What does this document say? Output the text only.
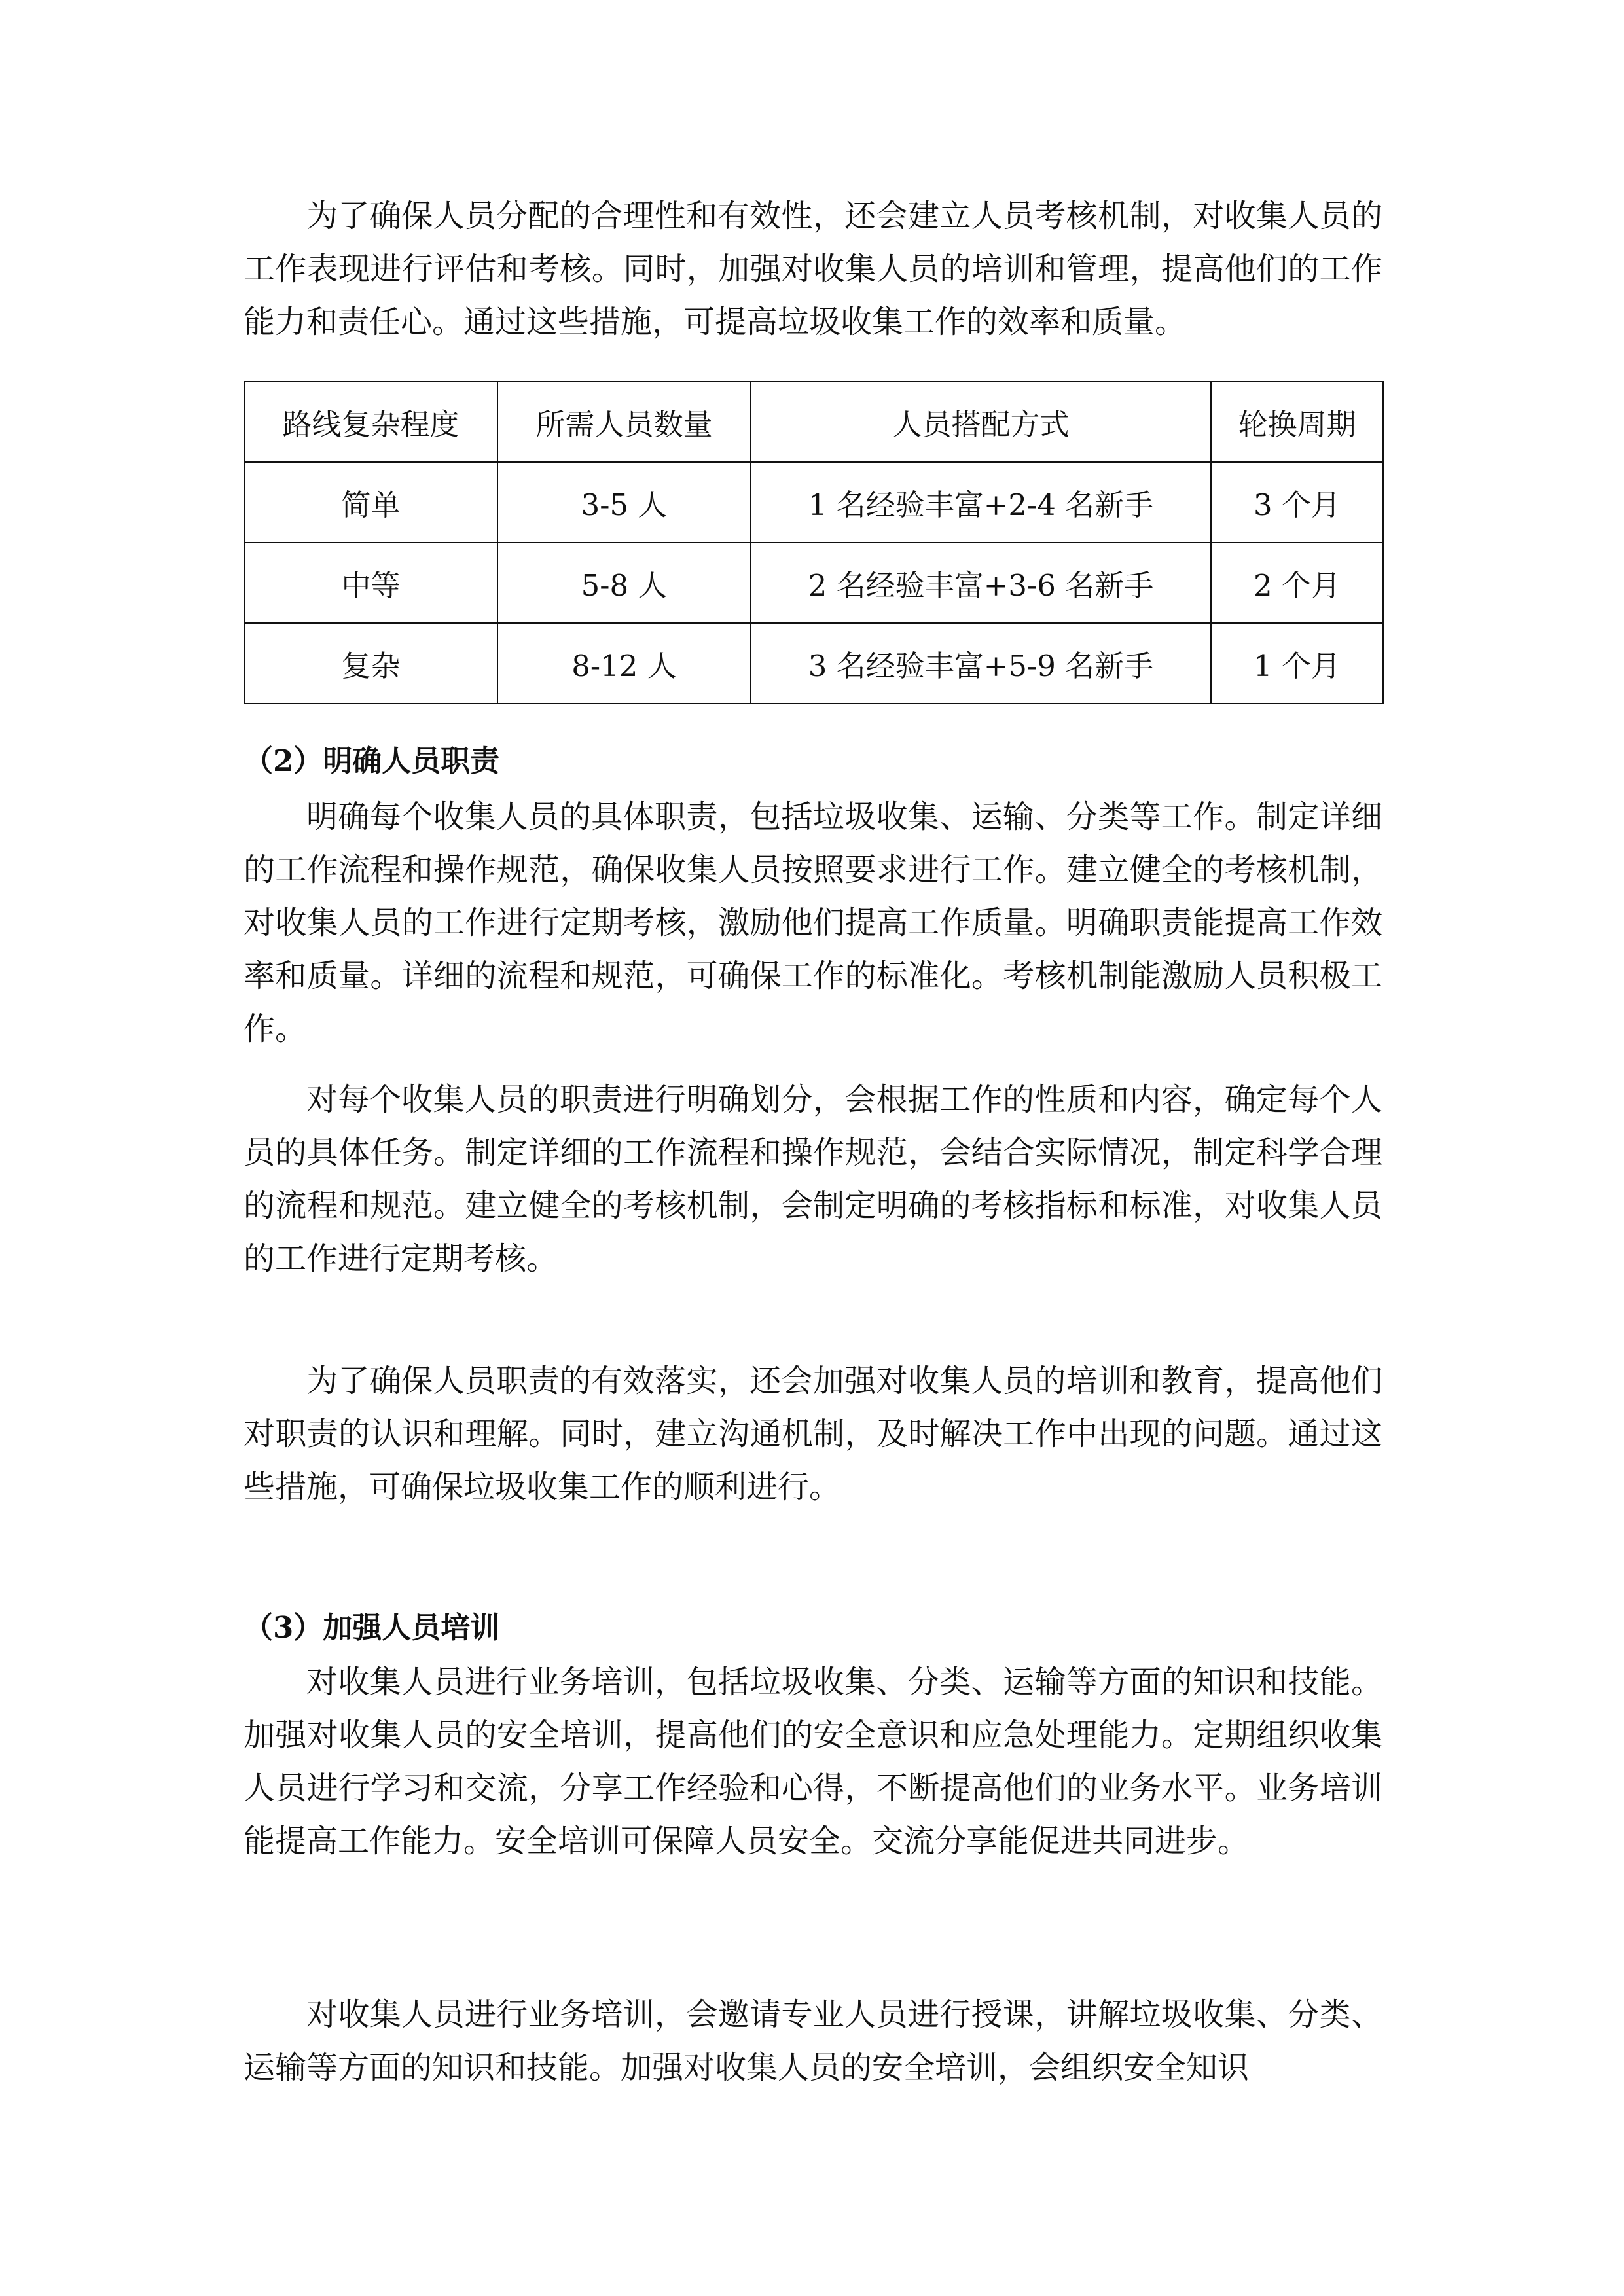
为了确保人员分配的合理性和有效性，还会建立人员考核机制，对收集人员的工作表现进行评估和考核。同时，加强对收集人员的培训和管理，提高他们的工作能力和责任心。通过这些措施，可提高垃圾收集工作的效率和质量。

路线复杂程度	所需人员数量	人员搭配方式	轮换周期
简单	3-5 人	1 名经验丰富+2-4 名新手	3 个月
中等	5-8 人	2 名经验丰富+3-6 名新手	2 个月
复杂	8-12 人	3 名经验丰富+5-9 名新手	1 个月
（2）明确人员职责

明确每个收集人员的具体职责，包括垃圾收集、运输、分类等工作。制定详细的工作流程和操作规范，确保收集人员按照要求进行工作。建立健全的考核机制，对收集人员的工作进行定期考核，激励他们提高工作质量。明确职责能提高工作效率和质量。详细的流程和规范，可确保工作的标准化。考核机制能激励人员积极工作。

对每个收集人员的职责进行明确划分，会根据工作的性质和内容，确定每个人员的具体任务。制定详细的工作流程和操作规范，会结合实际情况，制定科学合理的流程和规范。建立健全的考核机制，会制定明确的考核指标和标准，对收集人员的工作进行定期考核。

为了确保人员职责的有效落实，还会加强对收集人员的培训和教育，提高他们对职责的认识和理解。同时，建立沟通机制，及时解决工作中出现的问题。通过这些措施，可确保垃圾收集工作的顺利进行。

（3）加强人员培训

对收集人员进行业务培训，包括垃圾收集、分类、运输等方面的知识和技能。加强对收集人员的安全培训，提高他们的安全意识和应急处理能力。定期组织收集人员进行学习和交流，分享工作经验和心得，不断提高他们的业务水平。业务培训能提高工作能力。安全培训可保障人员安全。交流分享能促进共同进步。

对收集人员进行业务培训，会邀请专业人员进行授课，讲解垃圾收集、分类、运输等方面的知识和技能。加强对收集人员的安全培训，会组织安全知识
